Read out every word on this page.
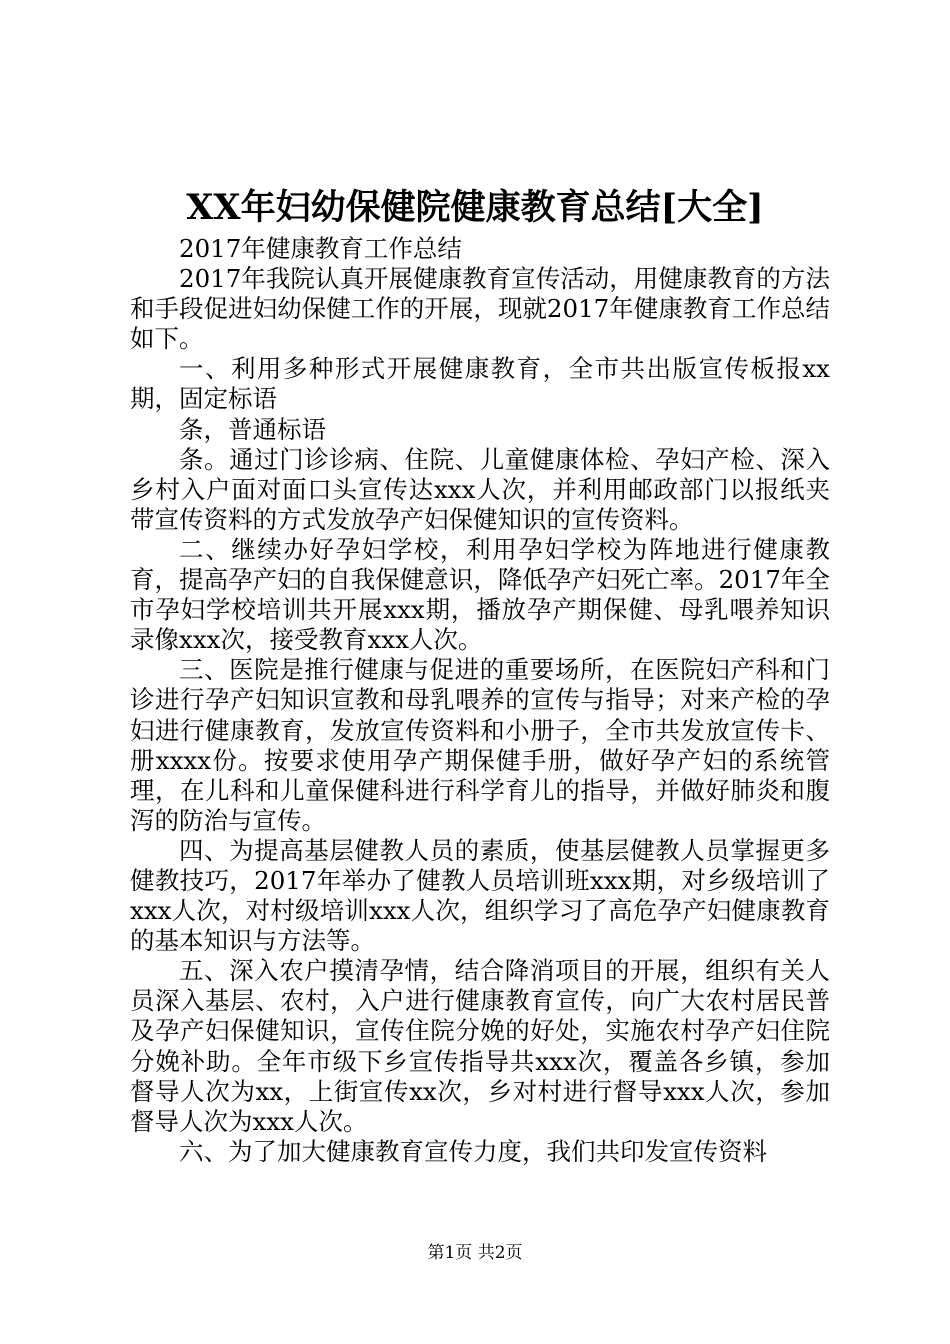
XX年妇幼保健院健康教育总结[大全]

2017年健康教育工作总结

2017年我院认真开展健康教育宣传活动，用健康教育的方法和手段促进妇幼保健工作的开展，现就2017年健康教育工作总结如下。

一、利用多种形式开展健康教育，全市共出版宣传板报xx期，固定标语

条，普通标语

条。通过门诊诊病、住院、儿童健康体检、孕妇产检、深入乡村入户面对面口头宣传达xxx人次，并利用邮政部门以报纸夹带宣传资料的方式发放孕产妇保健知识的宣传资料。

二、继续办好孕妇学校，利用孕妇学校为阵地进行健康教育，提高孕产妇的自我保健意识，降低孕产妇死亡率。2017年全市孕妇学校培训共开展xxx期，播放孕产期保健、母乳喂养知识录像xxx次，接受教育xxx人次。

三、医院是推行健康与促进的重要场所，在医院妇产科和门诊进行孕产妇知识宣教和母乳喂养的宣传与指导；对来产检的孕妇进行健康教育，发放宣传资料和小册子，全市共发放宣传卡、册xxxx份。按要求使用孕产期保健手册，做好孕产妇的系统管理，在儿科和儿童保健科进行科学育儿的指导，并做好肺炎和腹泻的防治与宣传。

四、为提高基层健教人员的素质，使基层健教人员掌握更多健教技巧，2017年举办了健教人员培训班xxx期，对乡级培训了xxx人次，对村级培训xxx人次，组织学习了高危孕产妇健康教育的基本知识与方法等。

五、深入农户摸清孕情，结合降消项目的开展，组织有关人员深入基层、农村，入户进行健康教育宣传，向广大农村居民普及孕产妇保健知识，宣传住院分娩的好处，实施农村孕产妇住院分娩补助。全年市级下乡宣传指导共xxx次，覆盖各乡镇，参加督导人次为xx，上街宣传xx次，乡对村进行督导xxx人次，参加督导人次为xxx人次。

六、为了加大健康教育宣传力度，我们共印发宣传资料

第1页 共2页
